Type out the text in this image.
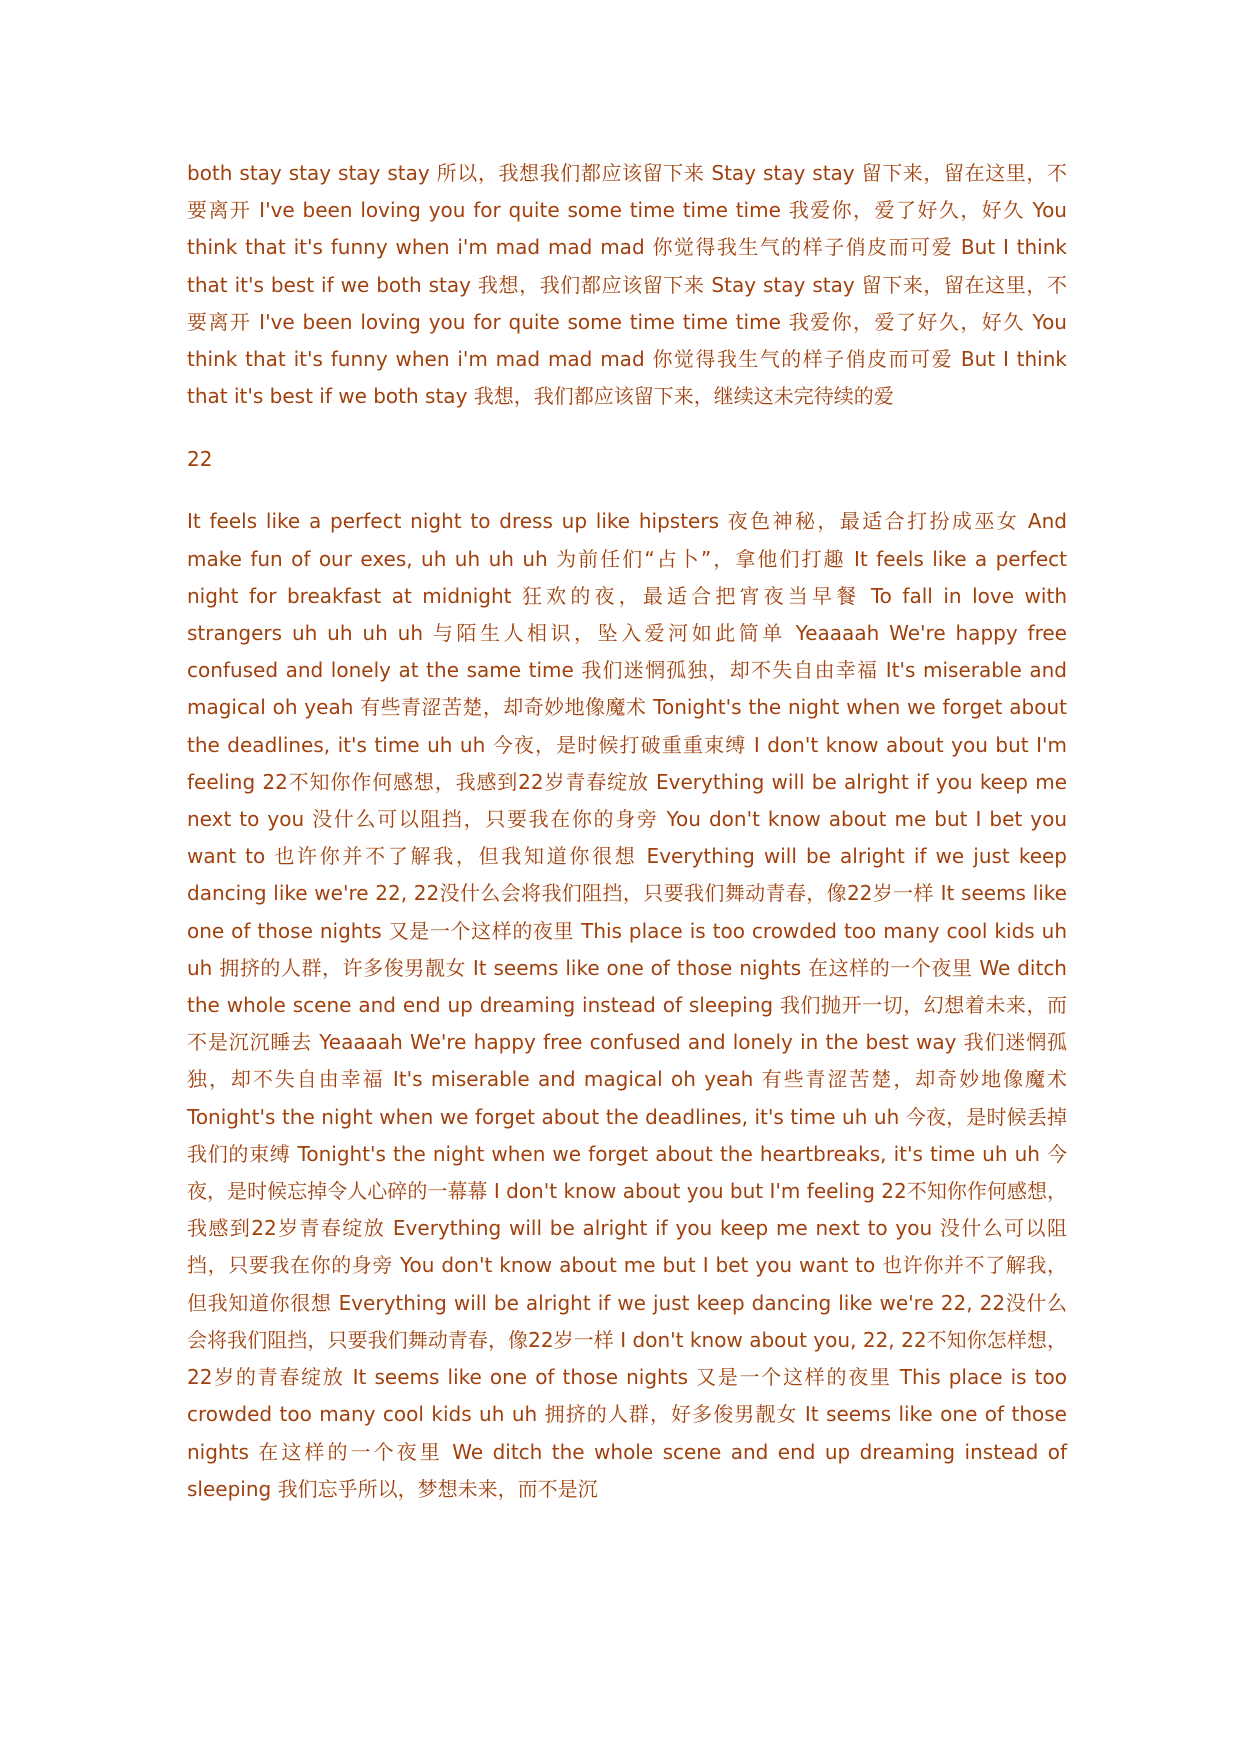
both stay stay stay stay 所以，我想我们都应该留下来 Stay stay stay 留下来，留在这里，不要离开 I've been loving you for quite some time time time 我爱你，爱了好久，好久 You think that it's funny when i'm mad mad mad 你觉得我生气的样子俏皮而可爱 But I think that it's best if we both stay 我想，我们都应该留下来 Stay stay stay 留下来，留在这里，不要离开 I've been loving you for quite some time time time 我爱你，爱了好久，好久 You think that it's funny when i'm mad mad mad 你觉得我生气的样子俏皮而可爱 But I think that it's best if we both stay 我想，我们都应该留下来，继续这未完待续的爱

22

It feels like a perfect night to dress up like hipsters 夜色神秘，最适合打扮成巫女 And make fun of our exes, uh uh uh uh 为前任们“占卜”，拿他们打趣 It feels like a perfect night for breakfast at midnight 狂欢的夜，最适合把宵夜当早餐 To fall in love with strangers uh uh uh uh 与陌生人相识，坠入爱河如此简单 Yeaaaah We're happy free confused and lonely at the same time 我们迷惘孤独，却不失自由幸福 It's miserable and magical oh yeah 有些青涩苦楚，却奇妙地像魔术 Tonight's the night when we forget about the deadlines, it's time uh uh 今夜，是时候打破重重束缚 I don't know about you but I'm feeling 22不知你作何感想，我感到22岁青春绽放 Everything will be alright if you keep me next to you 没什么可以阻挡，只要我在你的身旁 You don't know about me but I bet you want to 也许你并不了解我，但我知道你很想 Everything will be alright if we just keep dancing like we're 22, 22没什么会将我们阻挡，只要我们舞动青春，像22岁一样 It seems like one of those nights 又是一个这样的夜里 This place is too crowded too many cool kids uh uh 拥挤的人群，许多俊男靓女 It seems like one of those nights 在这样的一个夜里 We ditch the whole scene and end up dreaming instead of sleeping 我们抛开一切，幻想着未来，而不是沉沉睡去 Yeaaaah We're happy free confused and lonely in the best way 我们迷惘孤独，却不失自由幸福 It's miserable and magical oh yeah 有些青涩苦楚，却奇妙地像魔术 Tonight's the night when we forget about the deadlines, it's time uh uh 今夜，是时候丢掉我们的束缚 Tonight's the night when we forget about the heartbreaks, it's time uh uh 今夜，是时候忘掉令人心碎的一幕幕 I don't know about you but I'm feeling 22不知你作何感想，我感到22岁青春绽放 Everything will be alright if you keep me next to you 没什么可以阻挡，只要我在你的身旁 You don't know about me but I bet you want to 也许你并不了解我，但我知道你很想 Everything will be alright if we just keep dancing like we're 22, 22没什么会将我们阻挡，只要我们舞动青春，像22岁一样 I don't know about you, 22, 22不知你怎样想，22岁的青春绽放 It seems like one of those nights 又是一个这样的夜里 This place is too crowded too many cool kids uh uh 拥挤的人群，好多俊男靓女 It seems like one of those nights 在这样的一个夜里 We ditch the whole scene and end up dreaming instead of sleeping 我们忘乎所以，梦想未来，而不是沉
